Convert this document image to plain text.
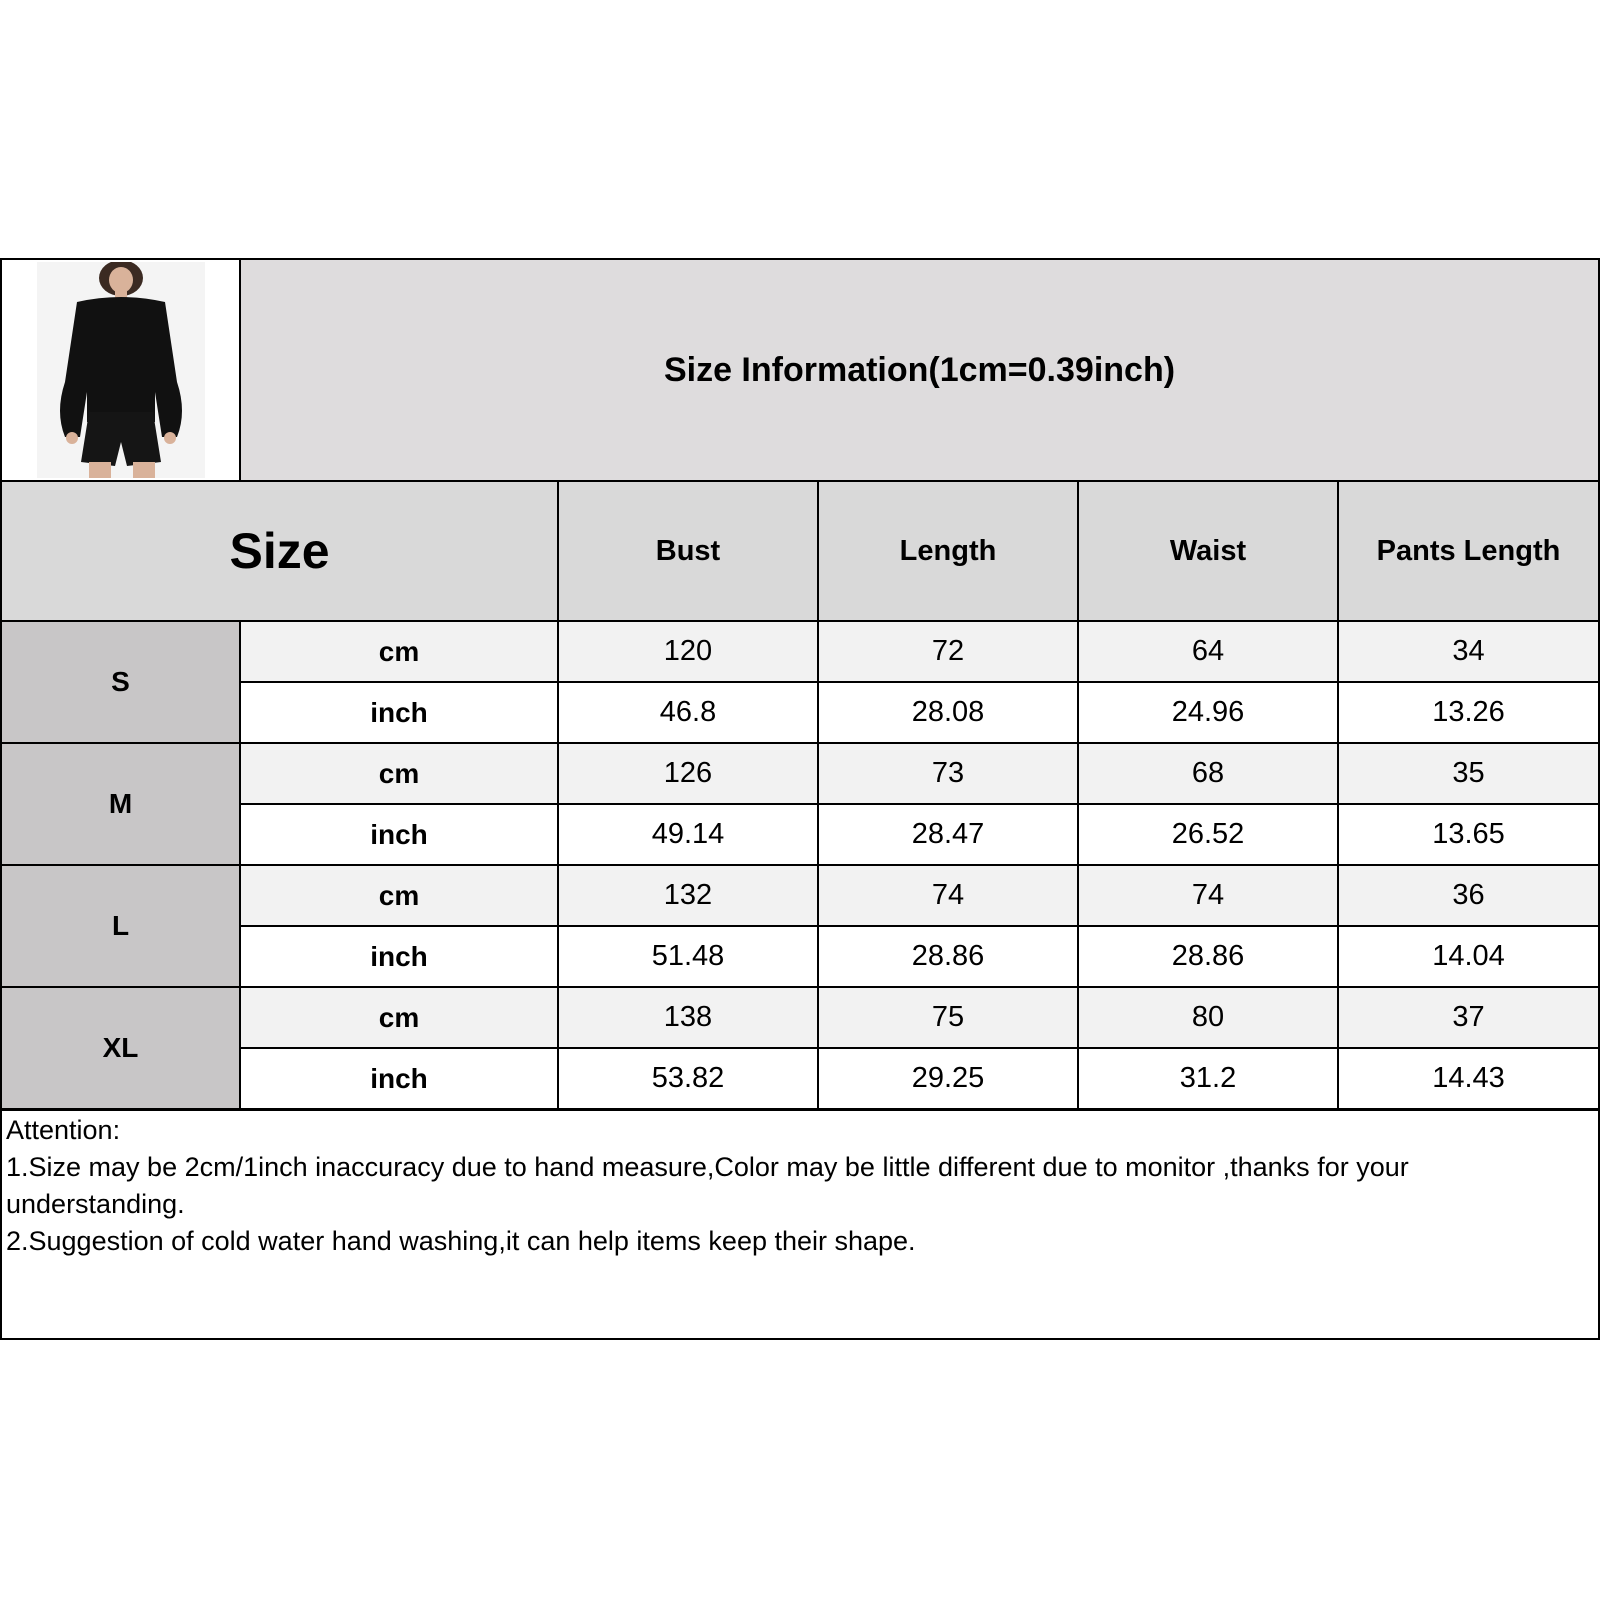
Size Information(1cm=0.39inch)
Size	Bust	Length	Waist	Pants Length
S
cm	120	72	64	34
inch	46.8	28.08	24.96	13.26
M
cm	126	73	68	35
inch	49.14	28.47	26.52	13.65
L
cm	132	74	74	36
inch	51.48	28.86	28.86	14.04
XL
cm	138	75	80	37
inch	53.82	29.25	31.2	14.43
Attention:
1.Size may be 2cm/1inch inaccuracy due to hand measure,Color may be little different due to monitor ,thanks for your
understanding.
2.Suggestion of cold water hand washing,it can help items keep their shape.
